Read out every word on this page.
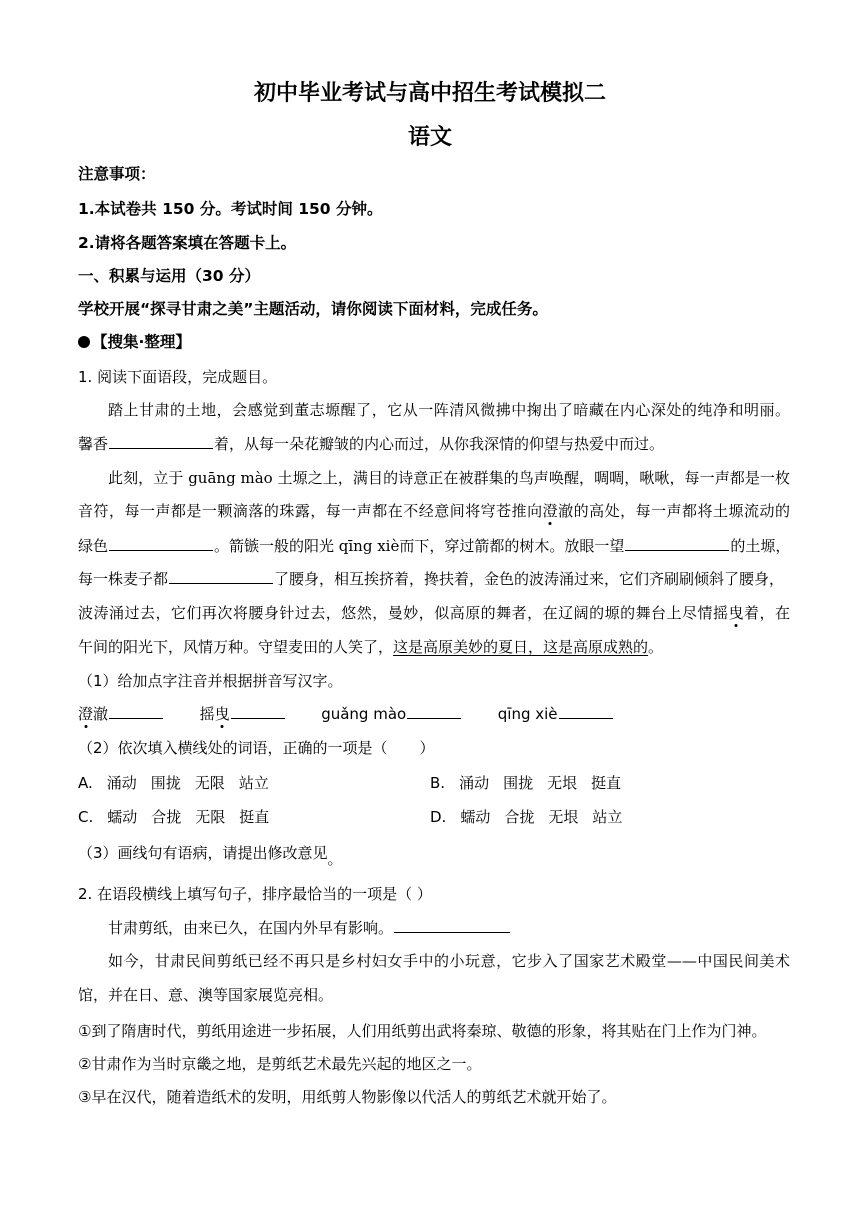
初中毕业考试与高中招生考试模拟二
语文
注意事项：
1.本试卷共 150 分。考试时间 150 分钟。
2.请将各题答案填在答题卡上。
一、积累与运用（30 分）
学校开展“探寻甘肃之美”主题活动，请你阅读下面材料，完成任务。
【搜集·整理】
1. 阅读下面语段，完成题目。
踏上甘肃的土地，会感觉到董志塬醒了，它从一阵清风微拂中掬出了暗藏在内心深处的纯净和明丽。
馨香	着，从每一朵花瓣皱的内心而过，从你我深情的仰望与热爱中而过。
此刻，立于 guāng mào 土塬之上，满目的诗意正在被群集的鸟声唤醒，啁啁，啾啾，每一声都是一枚
音符，每一声都是一颗滴落的珠露，每一声都在不经意间将穹苍推向澄澈的高处，每一声都将土塬流动的
绿色	。箭镞一般的阳光 qīng xiè而下，穿过箭都的树木。放眼一望	的土塬，
每一株麦子都	了腰身，相互挨挤着，搀扶着，金色的波涛涌过来，它们齐刷刷倾斜了腰身，
波涛涌过去，它们再次将腰身针过去，悠然，曼妙，似高原的舞者，在辽阔的塬的舞台上尽情摇曳着，在
午间的阳光下，风情万种。守望麦田的人笑了，这是高原美妙的夏日，这是高原成熟的。
（1）给加点字注音并根据拼音写汉字。
澄澈	摇曳	guǎng mào	qīng xiè
（2）依次填入横线处的词语，正确的一项是（ ）
A. 涌动 围拢 无限 站立	B. 涌动 围拢 无垠 挺直
C. 蠕动 合拢 无限 挺直	D. 蠕动 合拢 无垠 站立
（3）画线句有语病，请提出修改意见。
2. 在语段横线上填写句子，排序最恰当的一项是（ ）
甘肃剪纸，由来已久，在国内外早有影响。
如今，甘肃民间剪纸已经不再只是乡村妇女手中的小玩意，它步入了国家艺术殿堂——中国民间美术
馆，并在日、意、澳等国家展览亮相。
①到了隋唐时代，剪纸用途进一步拓展，人们用纸剪出武将秦琼、敬德的形象，将其贴在门上作为门神。
②甘肃作为当时京畿之地，是剪纸艺术最先兴起的地区之一。
③早在汉代，随着造纸术的发明，用纸剪人物影像以代活人的剪纸艺术就开始了。
